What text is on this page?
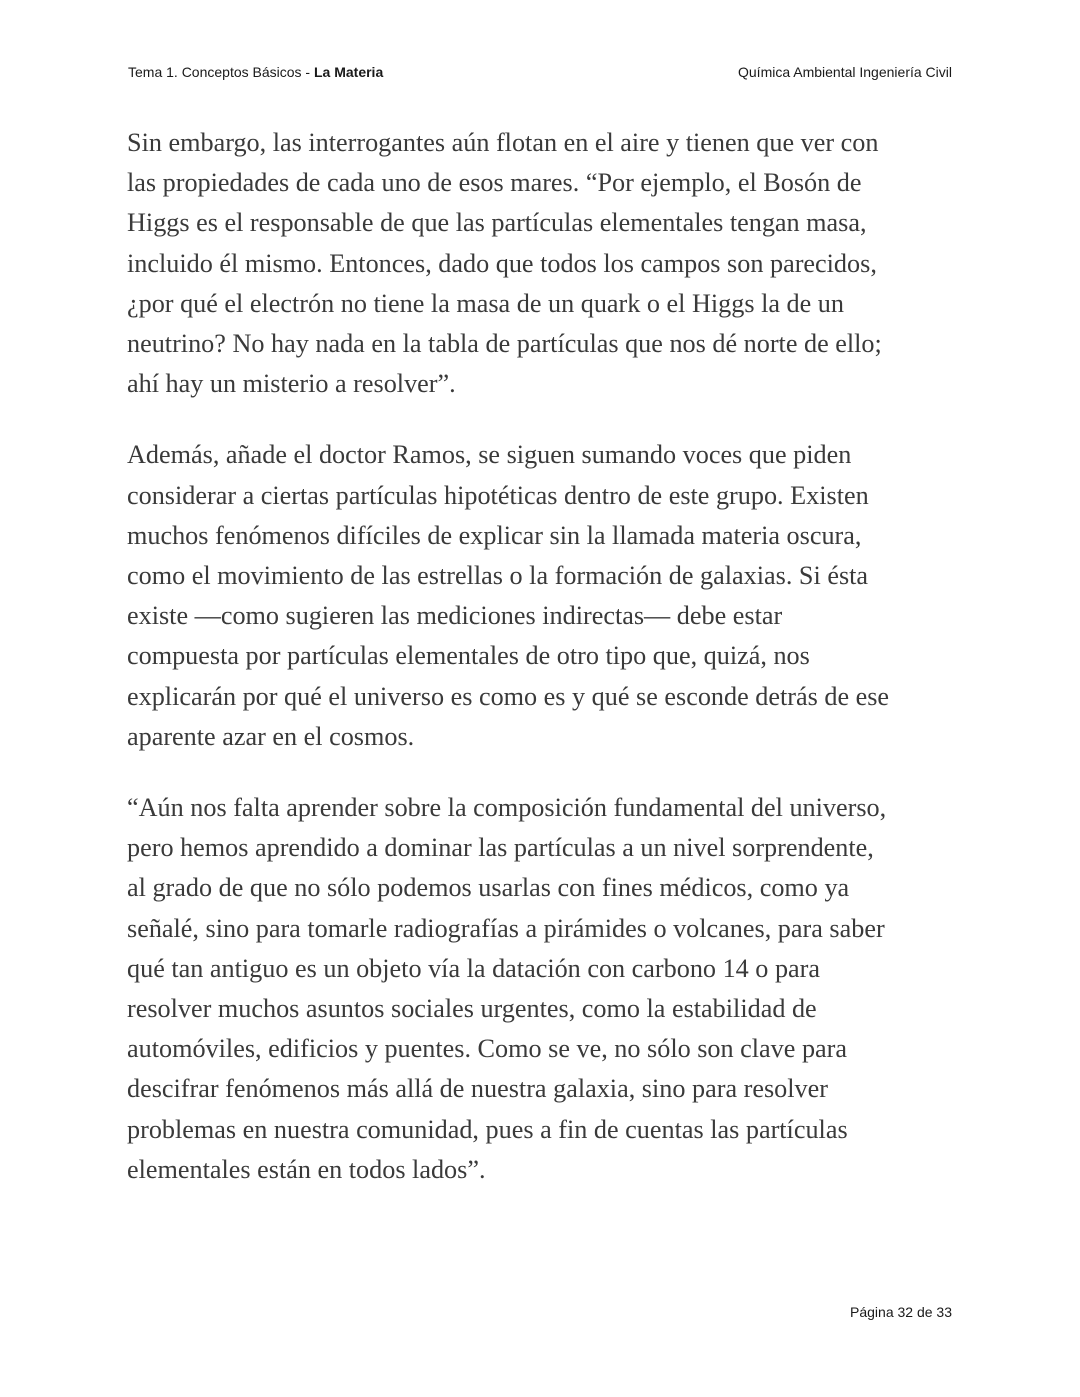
Tema 1. Conceptos Básicos - La Materia	Química Ambiental Ingeniería Civil

Sin embargo, las interrogantes aún flotan en el aire y tienen que ver con
las propiedades de cada uno de esos mares. “Por ejemplo, el Bosón de
Higgs es el responsable de que las partículas elementales tengan masa,
incluido él mismo. Entonces, dado que todos los campos son parecidos,
¿por qué el electrón no tiene la masa de un quark o el Higgs la de un
neutrino? No hay nada en la tabla de partículas que nos dé norte de ello;
ahí hay un misterio a resolver”.

Además, añade el doctor Ramos, se siguen sumando voces que piden
considerar a ciertas partículas hipotéticas dentro de este grupo. Existen
muchos fenómenos difíciles de explicar sin la llamada materia oscura,
como el movimiento de las estrellas o la formación de galaxias. Si ésta
existe —como sugieren las mediciones indirectas— debe estar
compuesta por partículas elementales de otro tipo que, quizá, nos
explicarán por qué el universo es como es y qué se esconde detrás de ese
aparente azar en el cosmos.

“Aún nos falta aprender sobre la composición fundamental del universo,
pero hemos aprendido a dominar las partículas a un nivel sorprendente,
al grado de que no sólo podemos usarlas con fines médicos, como ya
señalé, sino para tomarle radiografías a pirámides o volcanes, para saber
qué tan antiguo es un objeto vía la datación con carbono 14 o para
resolver muchos asuntos sociales urgentes, como la estabilidad de
automóviles, edificios y puentes. Como se ve, no sólo son clave para
descifrar fenómenos más allá de nuestra galaxia, sino para resolver
problemas en nuestra comunidad, pues a fin de cuentas las partículas
elementales están en todos lados”.

Página 32 de 33
